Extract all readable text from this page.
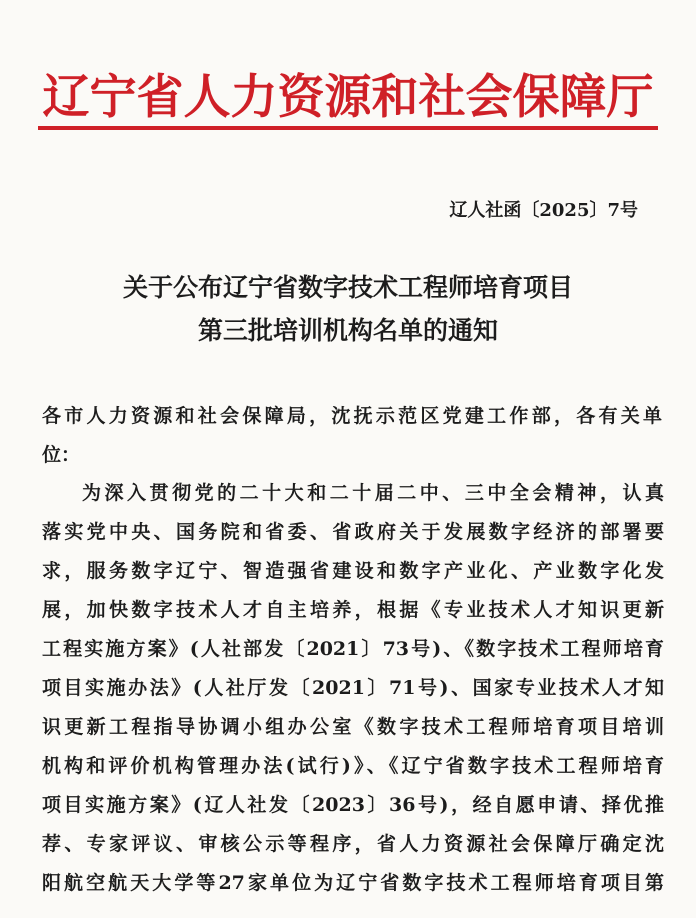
辽宁省人力资源和社会保障厅
辽人社函〔2025〕7号
关于公布辽宁省数字技术工程师培育项目
第三批培训机构名单的通知
各市人力资源和社会保障局，沈抚示范区党建工作部，各有关单
位：
为深入贯彻党的二十大和二十届二中、三中全会精神，认真
落实党中央、国务院和省委、省政府关于发展数字经济的部署要
求，服务数字辽宁、智造强省建设和数字产业化、产业数字化发
展，加快数字技术人才自主培养，根据《专业技术人才知识更新
工程实施方案》(人社部发〔2021〕73号)、《数字技术工程师培育
项目实施办法》(人社厅发〔2021〕71号)、国家专业技术人才知
识更新工程指导协调小组办公室《数字技术工程师培育项目培训
机构和评价机构管理办法(试行)》、《辽宁省数字技术工程师培育
项目实施方案》(辽人社发〔2023〕36号)，经自愿申请、择优推
荐、专家评议、审核公示等程序，省人力资源社会保障厅确定沈
阳航空航天大学等27家单位为辽宁省数字技术工程师培育项目第
